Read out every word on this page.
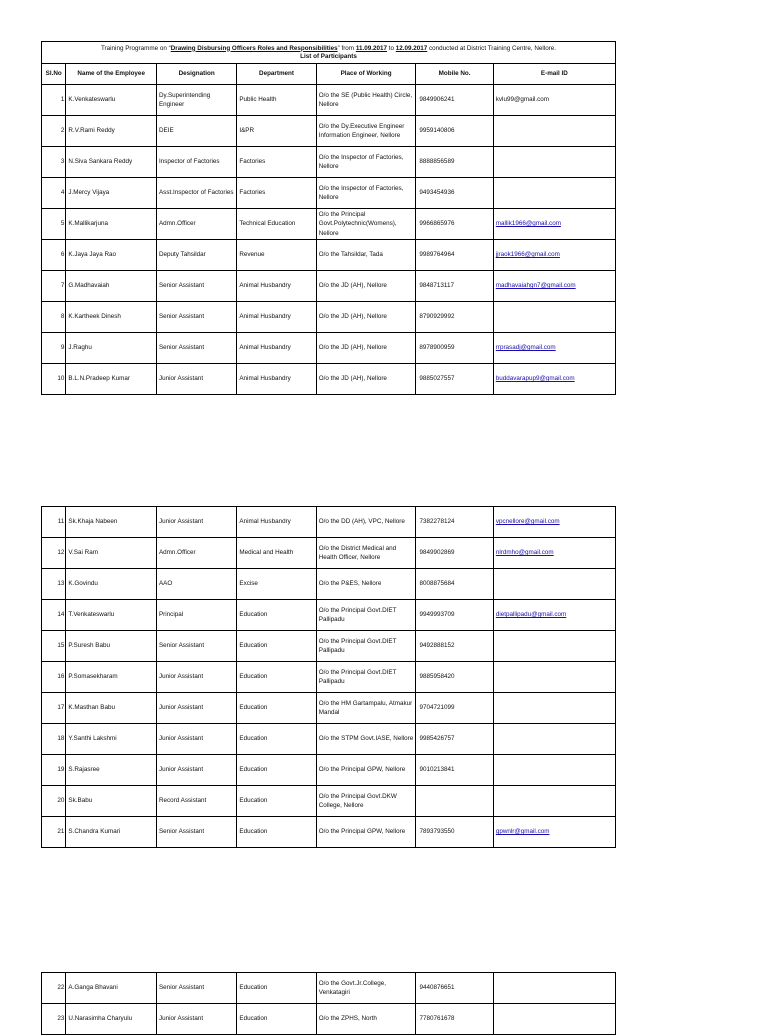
Training Programme on “Drawing Disbursing Officers Roles and Responsibilities” from 11.09.2017 to 12.09.2017 conducted at District Training Centre, Nellore.
List of Participants						
Sl.No	Name of the Employee	Designation	Department	Place of Working	Mobile No.	E-mail ID
1	K.Venkateswarlu	Dy.Superintending Engineer	Public Health	O/o the SE (Public Health) Circle, Nellore	9849906241	kvlu99@gmail.com
2	R.V.Rami Reddy	DEIE	I&PR	O/o the Dy.Executive Engineer Information Engineer, Nellore	9959140806	
3	N.Siva Sankara Reddy	Inspector of Factories	Factories	O/o the Inspector of Factories, Nellore	8888856589	
4	J.Mercy Vijaya	Asst.Inspector of Factories	Factories	O/o the Inspector of Factories, Nellore	9493454936	
5	K.Mallikarjuna	Admn.Officer	Technical Education	O/o the Principal Govt.Polytechnic(Womens), Nellore	9966865976	mallik1966@gmail.com
6	K.Jaya Jaya Rao	Deputy Tahsildar	Revenue	O/o the Tahsildar, Tada	9989764964	jjraok1966@gmail.com
7	G.Madhavaiah	Senior Assistant	Animal Husbandry	O/o the JD (AH), Nellore	9848713117	madhavaiahgn7@gmail.com
8	K.Kartheek Dinesh	Senior Assistant	Animal Husbandry	O/o the JD (AH), Nellore	8790929992	
9	J.Raghu	Senior Assistant	Animal Husbandry	O/o the JD (AH), Nellore	8978900959	rrprasadj@gmail.com
10	B.L.N.Pradeep Kumar	Junior Assistant	Animal Husbandry	O/o the JD (AH), Nellore	9885027557	buddavarapup9@gmail.com
11	Sk.Khaja Nabeen	Junior Assistant	Animal Husbandry	O/o the DD (AH), VPC, Nellore	7382278124	vpcnellore@gmail.com
12	V.Sai Ram	Admn.Officer	Medical and Health	O/o the District Medical and Health Officer, Nellore	9849902869	nlrdmho@gmail.com
13	K.Govindu	AAO	Excise	O/o the P&ES, Nellore	8008875684	
14	T.Venkateswarlu	Principal	Education	O/o the Principal Govt.DIET Pallipadu	9949993709	dietpallipadu@gmail.com
15	P.Suresh Babu	Senior Assistant	Education	O/o the Principal Govt.DIET Pallipadu	9492888152	
16	P.Somasekharam	Junior Assistant	Education	O/o the Principal Govt.DIET Pallipadu	9885958420	
17	K.Masthan Babu	Junior Assistant	Education	O/o the HM Gartampalu, Atmakur Mandal	9704721099	
18	Y.Santhi Lakshmi	Junior Assistant	Education	O/o the STPM Govt.IASE, Nellore	9985426757	
19	S.Rajasree	Junior Assistant	Education	O/o the Principal GPW, Nellore	9010213841	
20	Sk.Babu	Record Assistant	Education	O/o the Principal Govt.DKW College, Nellore		
21	S.Chandra Kumari	Senior Assistant	Education	O/o the Principal GPW, Nellore	7893793550	gpwnlr@gmail.com
22	A.Ganga Bhavani	Senior Assistant	Education	O/o the Govt.Jr.College, Venkatagiri	9440876651	
23	U.Narasimha Charyulu	Junior Assistant	Education	O/o the ZPHS, North	7780761678	
